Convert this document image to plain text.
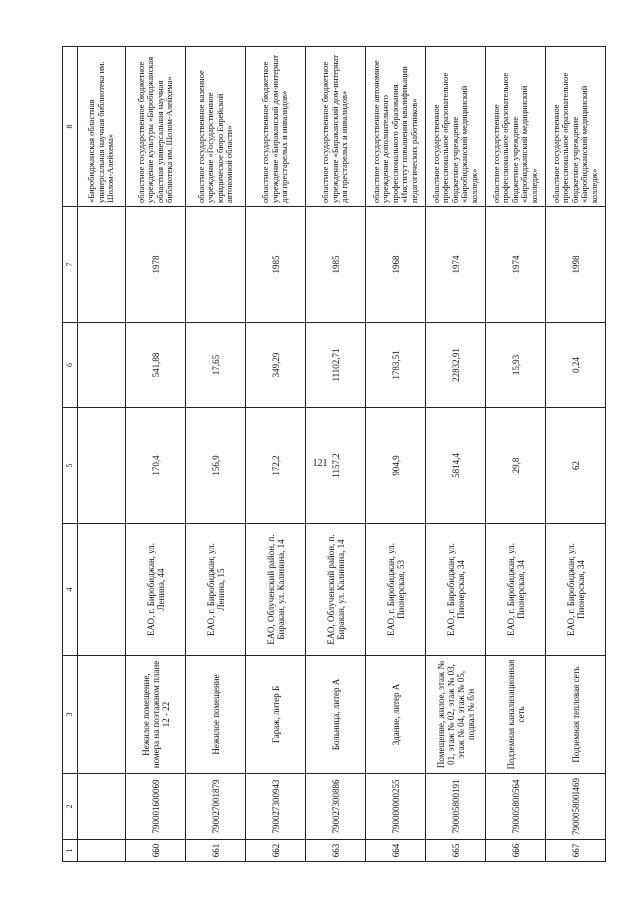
121
1	2	3	4	5	6	7	8
							«Биробиджанская областная универсальная научная библиотека им. Шолом-Алейхема»
660	790001600069	Нежилое помещение, номера на поэтажном плане 12 - 22	ЕАО, г. Биробиджан, ул. Ленина, 44	170,4	541,88	1978	областное государственное бюджетное учреждение культуры «Биробиджанская областная универсальная научная библиотека им. Шолом-Алейхема»
661	790027001879	Нежилое помещение	ЕАО, г. Биробиджан, ул. Ленина, 15	156,9	17,65		областное государственное казенное учреждение «Государственное юридическое бюро Еврейской автономной области»
662	790027300943	Гараж, литер Б	ЕАО, Облученский район, п. Биракан, ул. Калинина, 14	172,2	349,29	1985	областное государственное бюджетное учреждение «Бираканский дом-интернат для престарелых и инвалидов»
663	790027300886	Больница, литер А	ЕАО, Облученский район, п. Биракан, ул. Калинина, 14	1157,2	11102,71	1985	областное государственное бюджетное учреждение «Бираканский дом-интернат для престарелых и инвалидов»
664	790000000255	Здание, литер А	ЕАО, г. Биробиджан, ул. Пионерская, 53	904,9	1783,51	1968	областное государственное автономное учреждение дополнительного профессионального образования «Институт повышения квалификации педагогических работников»
665	790005800191	Помещение, жилое, этаж № 01, этаж № 02, этаж № 03, этаж № 04, этаж № 05, подвал № б/н	ЕАО, г. Биробиджан, ул. Пионерская, 34	5814,4	22832,91	1974	областное государственное профессиональное образовательное бюджетное учреждение «Биробиджанский медицинский колледж»
666	790005800564	Подземная канализационная сеть	ЕАО, г. Биробиджан, ул. Пионерская, 34	29,8	15,93	1974	областное государственное профессиональное образовательное бюджетное учреждение «Биробиджанский медицинский колледж»
667	790005800I469	Подземная тепловая сеть	ЕАО, г. Биробиджан, ул. Пионерская, 34	62	0,24	1998	областное государственное профессиональное образовательное бюджетное учреждение «Биробиджанский медицинский колледж»
